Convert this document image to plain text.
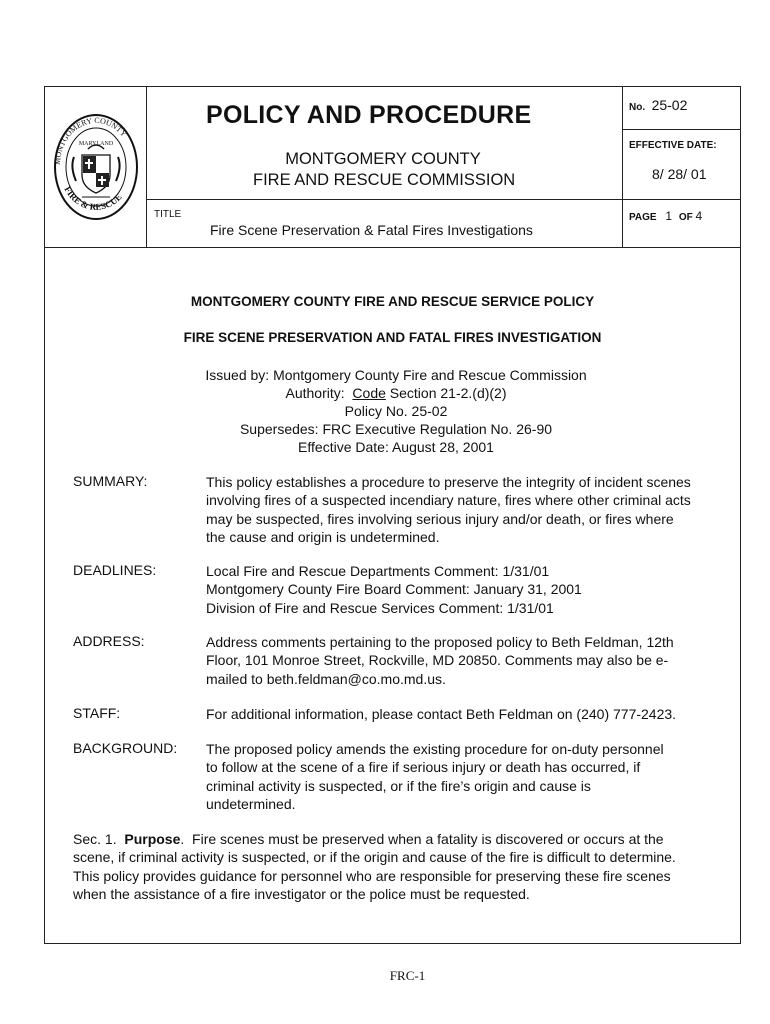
MONTGOMERY COUNTY
FIRE & RESCUE
MARYLAND
POLICY AND PROCEDURE
MONTGOMERY COUNTY
FIRE AND RESCUE COMMISSION
No. 25-02
EFFECTIVE DATE:
8/ 28/ 01
TITLE
Fire Scene Preservation & Fatal Fires Investigations
PAGE 1 OF 4
MONTGOMERY COUNTY FIRE AND RESCUE SERVICE POLICY
FIRE SCENE PRESERVATION AND FATAL FIRES INVESTIGATION
Issued by: Montgomery County Fire and Rescue Commission
Authority:  Code Section 21-2.(d)(2)
Policy No. 25-02
Supersedes: FRC Executive Regulation No. 26-90
Effective Date: August 28, 2001
SUMMARY:	This policy establishes a procedure to preserve the integrity of incident scenes
involving fires of a suspected incendiary nature, fires where other criminal acts
may be suspected, fires involving serious injury and/or death, or fires where
the cause and origin is undetermined.
DEADLINES:	Local Fire and Rescue Departments Comment: 1/31/01
Montgomery County Fire Board Comment: January 31, 2001
Division of Fire and Rescue Services Comment: 1/31/01
ADDRESS:	Address comments pertaining to the proposed policy to Beth Feldman, 12th
Floor, 101 Monroe Street, Rockville, MD 20850. Comments may also be e-
mailed to beth.feldman@co.mo.md.us.
STAFF:	For additional information, please contact Beth Feldman on (240) 777-2423.
BACKGROUND: The proposed policy amends the existing procedure for on-duty personnel
to follow at the scene of a fire if serious injury or death has occurred, if
criminal activity is suspected, or if the fire’s origin and cause is
undetermined.
Sec. 1.  Purpose.  Fire scenes must be preserved when a fatality is discovered or occurs at the
scene, if criminal activity is suspected, or if the origin and cause of the fire is difficult to determine.
This policy provides guidance for personnel who are responsible for preserving these fire scenes
when the assistance of a fire investigator or the police must be requested.
FRC-1
